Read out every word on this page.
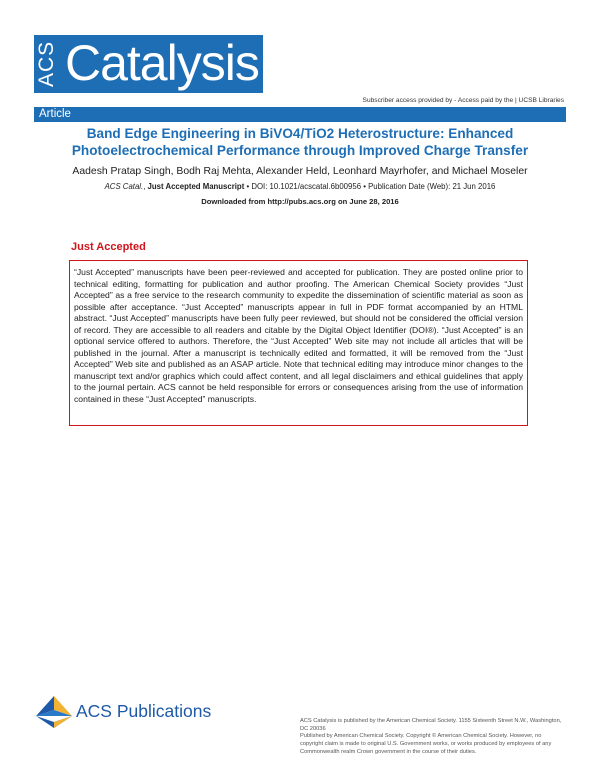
ACS Catalysis
Subscriber access provided by - Access paid by the | UCSB Libraries
Article
Band Edge Engineering in BiVO4/TiO2 Heterostructure: Enhanced Photoelectrochemical Performance through Improved Charge Transfer
Aadesh Pratap Singh, Bodh Raj Mehta, Alexander Held, Leonhard Mayrhofer, and Michael Moseler
ACS Catal., Just Accepted Manuscript • DOI: 10.1021/acscatal.6b00956 • Publication Date (Web): 21 Jun 2016
Downloaded from http://pubs.acs.org on June 28, 2016
Just Accepted

“Just Accepted” manuscripts have been peer-reviewed and accepted for publication. They are posted online prior to technical editing, formatting for publication and author proofing. The American Chemical Society provides “Just Accepted” as a free service to the research community to expedite the dissemination of scientific material as soon as possible after acceptance. “Just Accepted” manuscripts appear in full in PDF format accompanied by an HTML abstract. “Just Accepted” manuscripts have been fully peer reviewed, but should not be considered the official version of record. They are accessible to all readers and citable by the Digital Object Identifier (DOI®). “Just Accepted” is an optional service offered to authors. Therefore, the “Just Accepted” Web site may not include all articles that will be published in the journal. After a manuscript is technically edited and formatted, it will be removed from the “Just Accepted” Web site and published as an ASAP article. Note that technical editing may introduce minor changes to the manuscript text and/or graphics which could affect content, and all legal disclaimers and ethical guidelines that apply to the journal pertain. ACS cannot be held responsible for errors or consequences arising from the use of information contained in these “Just Accepted” manuscripts.

ACS Publications	ACS Catalysis is published by the American Chemical Society. 1155 Sixteenth Street N.W., Washington, DC 20036

Published by American Chemical Society. Copyright © American Chemical Society. However, no copyright claim is made to original U.S. Government works, or works produced by employees of any Commonwealth realm Crown government in the course of their duties.
